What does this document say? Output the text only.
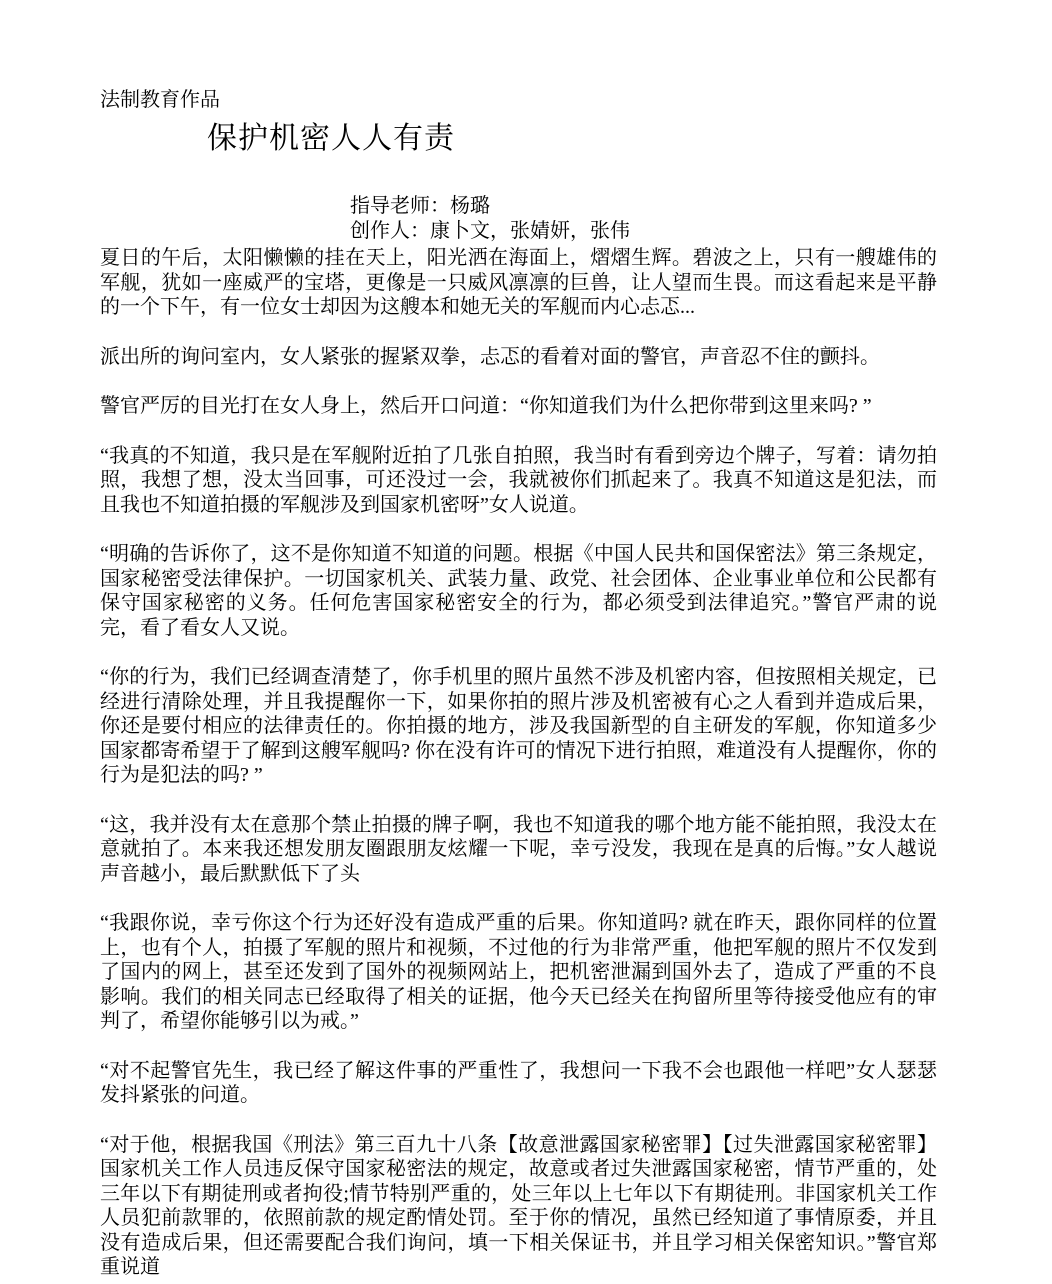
法制教育作品
保护机密人人有责
指导老师：杨璐
创作人：康卜文，张婧妍，张伟

夏日的午后，太阳懒懒的挂在天上，阳光洒在海面上，熠熠生辉。碧波之上，只有一艘雄伟的军舰，犹如一座威严的宝塔，更像是一只威风凛凛的巨兽，让人望而生畏。而这看起来是平静的一个下午，有一位女士却因为这艘本和她无关的军舰而内心忐忑...

派出所的询问室内，女人紧张的握紧双拳，忐忑的看着对面的警官，声音忍不住的颤抖。

警官严厉的目光打在女人身上，然后开口问道：“你知道我们为什么把你带到这里来吗? ”

“我真的不知道，我只是在军舰附近拍了几张自拍照，我当时有看到旁边个牌子，写着：请勿拍照，我想了想，没太当回事，可还没过一会，我就被你们抓起来了。我真不知道这是犯法，而且我也不知道拍摄的军舰涉及到国家机密呀”女人说道。

“明确的告诉你了，这不是你知道不知道的问题。根据《中国人民共和国保密法》第三条规定，国家秘密受法律保护。一切国家机关、武装力量、政党、社会团体、企业事业单位和公民都有保守国家秘密的义务。任何危害国家秘密安全的行为，都必须受到法律追究。”警官严肃的说完，看了看女人又说。

“你的行为，我们已经调查清楚了，你手机里的照片虽然不涉及机密内容，但按照相关规定，已经进行清除处理，并且我提醒你一下，如果你拍的照片涉及机密被有心之人看到并造成后果，你还是要付相应的法律责任的。你拍摄的地方，涉及我国新型的自主研发的军舰，你知道多少国家都寄希望于了解到这艘军舰吗? 你在没有许可的情况下进行拍照，难道没有人提醒你，你的行为是犯法的吗? ”

“这，我并没有太在意那个禁止拍摄的牌子啊，我也不知道我的哪个地方能不能拍照，我没太在意就拍了。本来我还想发朋友圈跟朋友炫耀一下呢，幸亏没发，我现在是真的后悔。”女人越说声音越小，最后默默低下了头

“我跟你说，幸亏你这个行为还好没有造成严重的后果。你知道吗? 就在昨天，跟你同样的位置上，也有个人，拍摄了军舰的照片和视频，不过他的行为非常严重，他把军舰的照片不仅发到了国内的网上，甚至还发到了国外的视频网站上，把机密泄漏到国外去了，造成了严重的不良影响。我们的相关同志已经取得了相关的证据，他今天已经关在拘留所里等待接受他应有的审判了，希望你能够引以为戒。”

“对不起警官先生，我已经了解这件事的严重性了，我想问一下我不会也跟他一样吧”女人瑟瑟发抖紧张的问道。

“对于他，根据我国《刑法》第三百九十八条【故意泄露国家秘密罪】【过失泄露国家秘密罪】国家机关工作人员违反保守国家秘密法的规定，故意或者过失泄露国家秘密，情节严重的，处三年以下有期徒刑或者拘役;情节特别严重的，处三年以上七年以下有期徒刑。非国家机关工作人员犯前款罪的，依照前款的规定酌情处罚。至于你的情况，虽然已经知道了事情原委，并且没有造成后果，但还需要配合我们询问，填一下相关保证书，并且学习相关保密知识。”警官郑重说道
